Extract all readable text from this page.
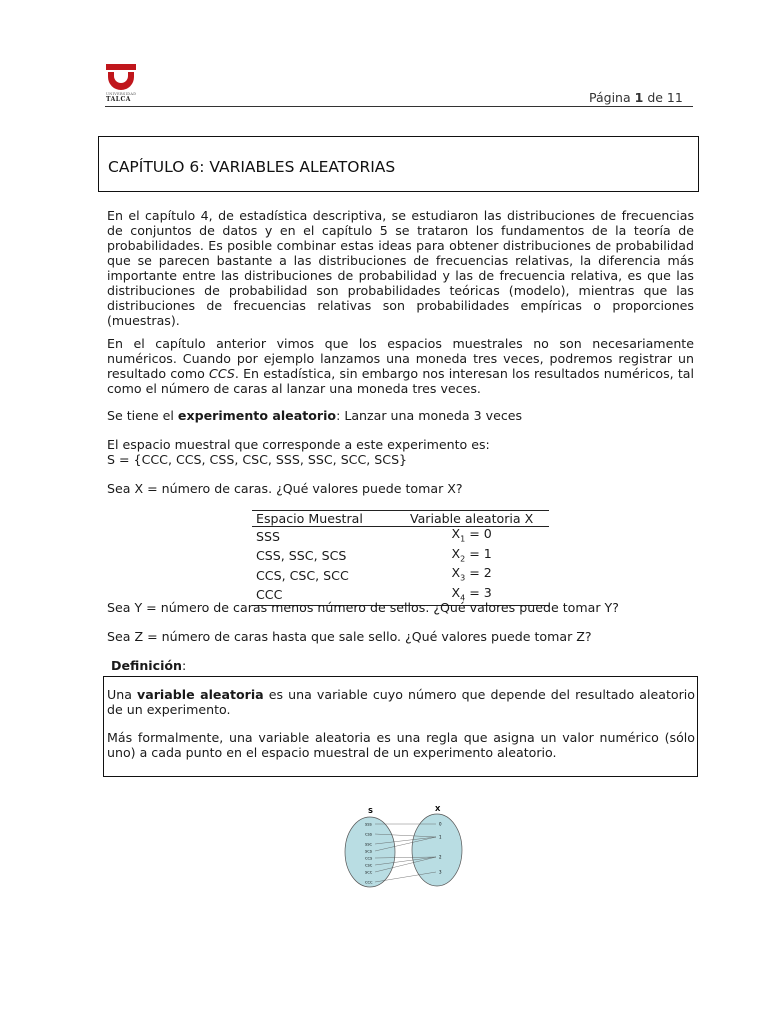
UNIVERSIDAD
TALCA	Página 1 de 11
CAPÍTULO 6: VARIABLES ALEATORIAS

En el capítulo 4, de estadística descriptiva, se estudiaron las distribuciones de frecuencias de conjuntos de datos y en el capítulo 5 se trataron los fundamentos de la teoría de probabilidades. Es posible combinar estas ideas para obtener distribuciones de probabilidad que se parecen bastante a las distribuciones de frecuencias relativas, la diferencia más importante entre las distribuciones de probabilidad y las de frecuencia relativa, es que las distribuciones de probabilidad son probabilidades teóricas (modelo), mientras que las distribuciones de frecuencias relativas son probabilidades empíricas o proporciones (muestras).

En el capítulo anterior vimos que los espacios muestrales no son necesariamente numéricos. Cuando por ejemplo lanzamos una moneda tres veces, podremos registrar un resultado como CCS. En estadística, sin embargo nos interesan los resultados numéricos, tal como el número de caras al lanzar una moneda tres veces.

Se tiene el experimento aleatorio: Lanzar una moneda 3 veces

El espacio muestral que corresponde a este experimento es:

S = {CCC, CCS, CSS, CSC, SSS, SSC, SCC, SCS}

Sea X = número de caras. ¿Qué valores puede tomar X?

Espacio Muestral	Variable aleatoria X
SSS	$X_1 = 0$
CSS, SSC, SCS	$X_2 = 1$
CCS, CSC, SCC	$X_3 = 2$
CCC	$X_4 = 3$

Sea Y = número de caras menos número de sellos. ¿Qué valores puede tomar Y?

Sea Z = número de caras hasta que sale sello. ¿Qué valores puede tomar Z?

Definición:

Una variable aleatoria es una variable cuyo número que depende del resultado aleatorio de un experimento.

Más formalmente, una variable aleatoria es una regla que asigna un valor numérico (sólo uno) a cada punto en el espacio muestral de un experimento aleatorio.

S	X
SSS
CSS
SSC
SCS
CCS
CSC
SCC
CCC
0
1
2
3
